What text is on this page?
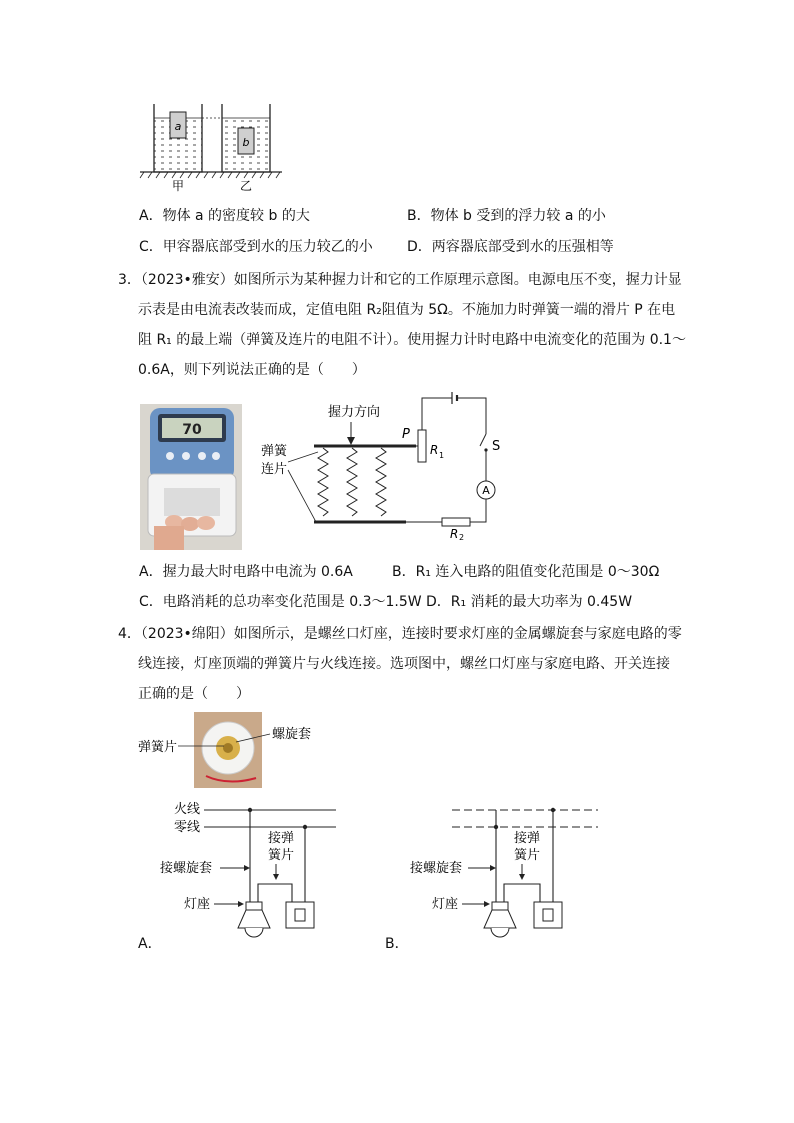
a
b
甲	乙
A．物体 a 的密度较 b 的大	B．物体 b 受到的浮力较 a 的小
C．甲容器底部受到水的压力较乙的小 D．两容器底部受到水的压强相等
3．（2023•雅安）如图所示为某种握力计和它的工作原理示意图。电源电压不变，握力计显
示表是由电流表改装而成，定值电阻 R₂阻值为 5Ω。不施加力时弹簧一端的滑片 P 在电
阻 R₁ 的最上端（弹簧及连片的电阻不计）。使用握力计时电路中电流变化的范围为 0.1～
0.6A，则下列说法正确的是（　　）
70
握力方向
弹簧
连片
P
R 1
S
A
R 2
A．握力最大时电路中电流为 0.6A	B．R₁ 连入电路的阻值变化范围是 0～30Ω
C．电路消耗的总功率变化范围是 0.3～1.5W D．R₁ 消耗的最大功率为 0.45W
4．（2023•绵阳）如图所示，是螺丝口灯座，连接时要求灯座的金属螺旋套与家庭电路的零
线连接，灯座顶端的弹簧片与火线连接。选项图中，螺丝口灯座与家庭电路、开关连接
正确的是（　　）
弹簧片
螺旋套
火线
零线
接弹
簧片
接螺旋套
灯座
A．
接弹
簧片
接螺旋套
灯座
B．
